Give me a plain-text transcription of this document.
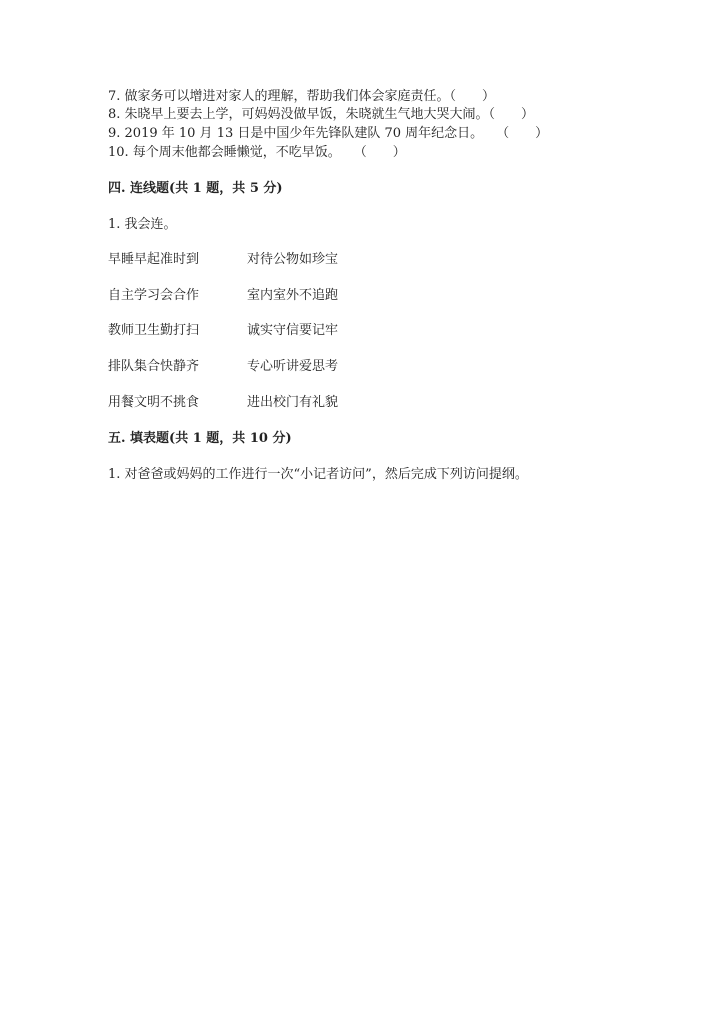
7. 做家务可以增进对家人的理解，帮助我们体会家庭责任。（　　）
8. 朱晓早上要去上学，可妈妈没做早饭，朱晓就生气地大哭大闹。（　　）
9. 2019 年 10 月 13 日是中国少年先锋队建队 70 周年纪念日。　　（　　）
10. 每个周末他都会睡懒觉，不吃早饭。　　（　　）
四. 连线题(共 1 题，共 5 分)
1. 我会连。
早睡早起准时到	对待公物如珍宝
自主学习会合作	室内室外不追跑
教师卫生勤打扫	诚实守信要记牢
排队集合快静齐	专心听讲爱思考
用餐文明不挑食	进出校门有礼貌
五. 填表题(共 1 题，共 10 分)
1. 对爸爸或妈妈的工作进行一次“小记者访问”，然后完成下列访问提纲。
